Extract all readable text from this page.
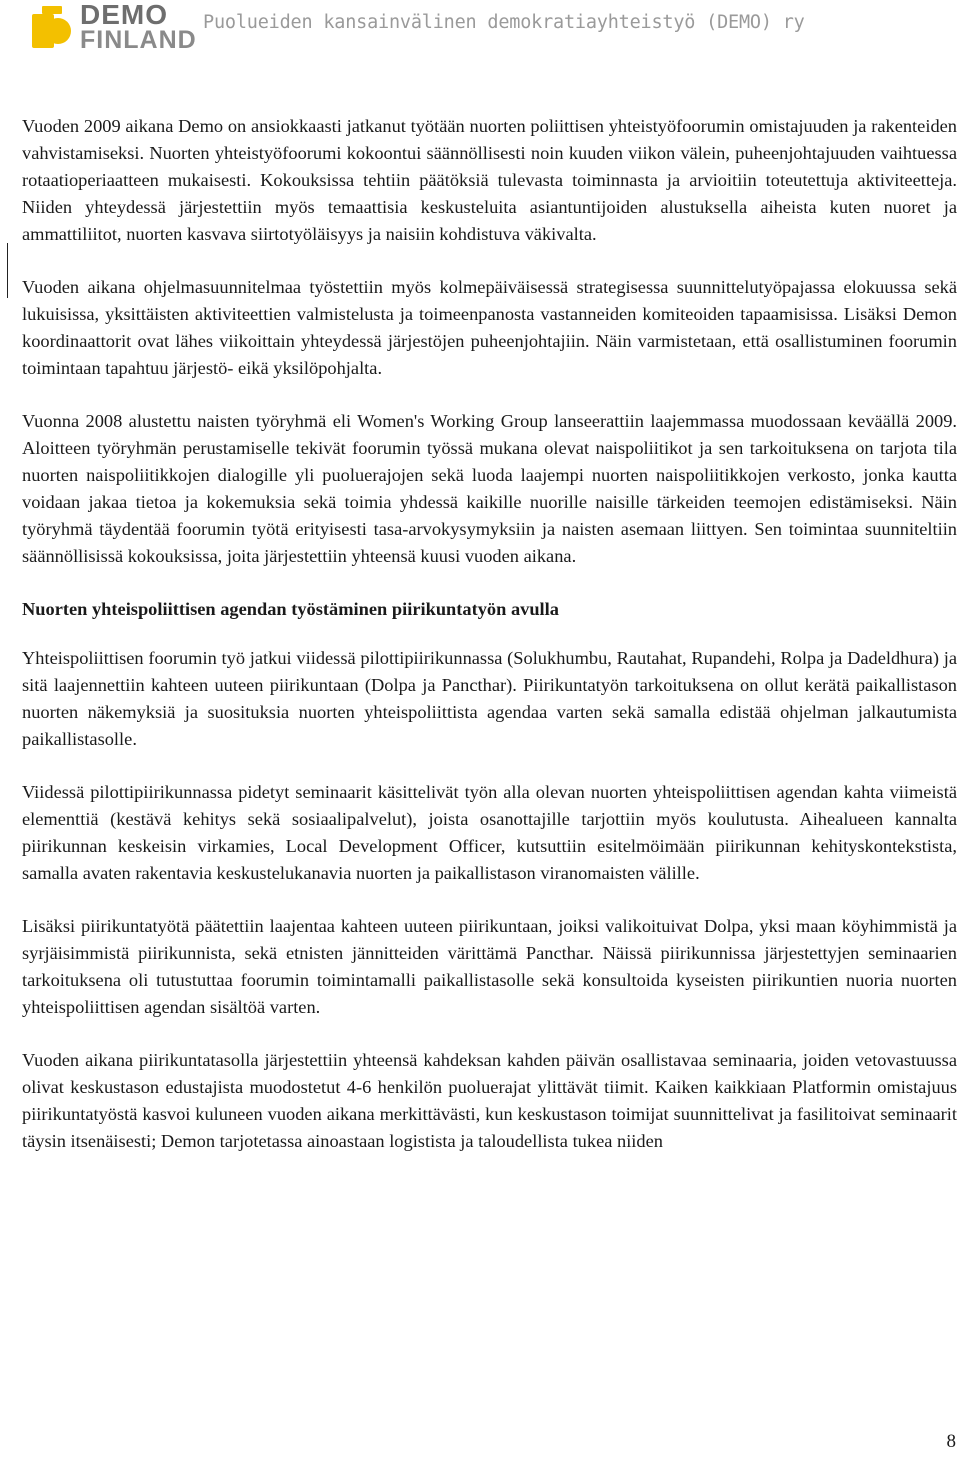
DEMO
FINLAND
Puolueiden kansainvälinen demokratiayhteistyö (DEMO) ry

Vuoden 2009 aikana Demo on ansiokkaasti jatkanut työtään nuorten poliittisen yhteistyöfoorumin omistajuuden ja rakenteiden vahvistamiseksi. Nuorten yhteistyöfoorumi kokoontui säännöllisesti noin kuuden viikon välein, puheenjohtajuuden vaihtuessa rotaatioperiaatteen mukaisesti. Kokouksissa tehtiin päätöksiä tulevasta toiminnasta ja arvioitiin toteutettuja aktiviteetteja. Niiden yhteydessä järjestettiin myös temaattisia keskusteluita asiantuntijoiden alustuksella aiheista kuten nuoret ja ammattiliitot, nuorten kasvava siirtotyöläisyys ja naisiin kohdistuva väkivalta.

Vuoden aikana ohjelmasuunnitelmaa työstettiin myös kolmepäiväisessä strategisessa suunnittelutyöpajassa elokuussa sekä lukuisissa, yksittäisten aktiviteettien valmistelusta ja toimeenpanosta vastanneiden komiteoiden tapaamisissa. Lisäksi Demon koordinaattorit ovat lähes viikoittain yhteydessä järjestöjen puheenjohtajiin. Näin varmistetaan, että osallistuminen foorumin toimintaan tapahtuu järjestö- eikä yksilöpohjalta.

Vuonna 2008 alustettu naisten työryhmä eli Women's Working Group lanseerattiin laajemmassa muodossaan keväällä 2009. Aloitteen työryhmän perustamiselle tekivät foorumin työssä mukana olevat naispoliitikot ja sen tarkoituksena on tarjota tila nuorten naispoliitikkojen dialogille yli puoluerajojen sekä luoda laajempi nuorten naispoliitikkojen verkosto, jonka kautta voidaan jakaa tietoa ja kokemuksia sekä toimia yhdessä kaikille nuorille naisille tärkeiden teemojen edistämiseksi. Näin työryhmä täydentää foorumin työtä erityisesti tasa-arvokysymyksiin ja naisten asemaan liittyen. Sen toimintaa suunniteltiin säännöllisissä kokouksissa, joita järjestettiin yhteensä kuusi vuoden aikana.

Nuorten yhteispoliittisen agendan työstäminen piirikuntatyön avulla

Yhteispoliittisen foorumin työ jatkui viidessä pilottipiirikunnassa (Solukhumbu, Rautahat, Rupandehi, Rolpa ja Dadeldhura) ja sitä laajennettiin kahteen uuteen piirikuntaan (Dolpa ja Pancthar). Piirikuntatyön tarkoituksena on ollut kerätä paikallistason nuorten näkemyksiä ja suosituksia nuorten yhteispoliittista agendaa varten sekä samalla edistää ohjelman jalkautumista paikallistasolle.

Viidessä pilottipiirikunnassa pidetyt seminaarit käsittelivät työn alla olevan nuorten yhteispoliittisen agendan kahta viimeistä elementtiä (kestävä kehitys sekä sosiaalipalvelut), joista osanottajille tarjottiin myös koulutusta. Aihealueen kannalta piirikunnan keskeisin virkamies, Local Development Officer, kutsuttiin esitelmöimään piirikunnan kehityskontekstista, samalla avaten rakentavia keskustelukanavia nuorten ja paikallistason viranomaisten välille.

Lisäksi piirikuntatyötä päätettiin laajentaa kahteen uuteen piirikuntaan, joiksi valikoituivat Dolpa, yksi maan köyhimmistä ja syrjäisimmistä piirikunnista, sekä etnisten jännitteiden värittämä Pancthar. Näissä piirikunnissa järjestettyjen seminaarien tarkoituksena oli tutustuttaa foorumin toimintamalli paikallistasolle sekä konsultoida kyseisten piirikuntien nuoria nuorten yhteispoliittisen agendan sisältöä varten.

Vuoden aikana piirikuntatasolla järjestettiin yhteensä kahdeksan kahden päivän osallistavaa seminaaria, joiden vetovastuussa olivat keskustason edustajista muodostetut 4-6 henkilön puoluerajat ylittävät tiimit. Kaiken kaikkiaan Platformin omistajuus piirikuntatyöstä kasvoi kuluneen vuoden aikana merkittävästi, kun keskustason toimijat suunnittelivat ja fasilitoivat seminaarit täysin itsenäisesti; Demon tarjotetassa ainoastaan logistista ja taloudellista tukea niiden

8
